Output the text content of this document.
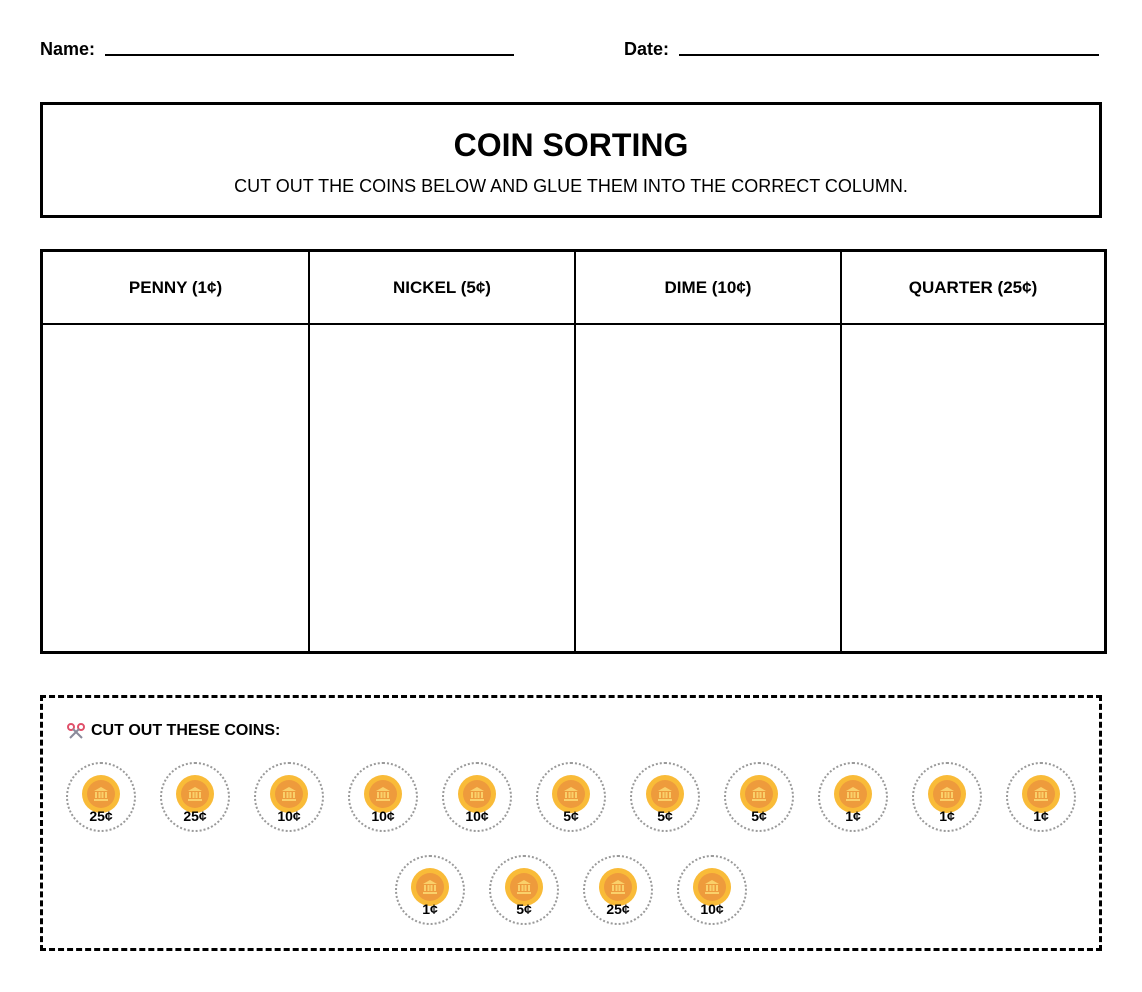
Name:	Date:
COIN SORTING
CUT OUT THE COINS BELOW AND GLUE THEM INTO THE CORRECT COLUMN.
PENNY (1¢)	NICKEL (5¢)	DIME (10¢)	QUARTER (25¢)
CUT OUT THESE COINS:
25¢	25¢	10¢	10¢	10¢	5¢	5¢	5¢	1¢	1¢	1¢
1¢	5¢	25¢	10¢
